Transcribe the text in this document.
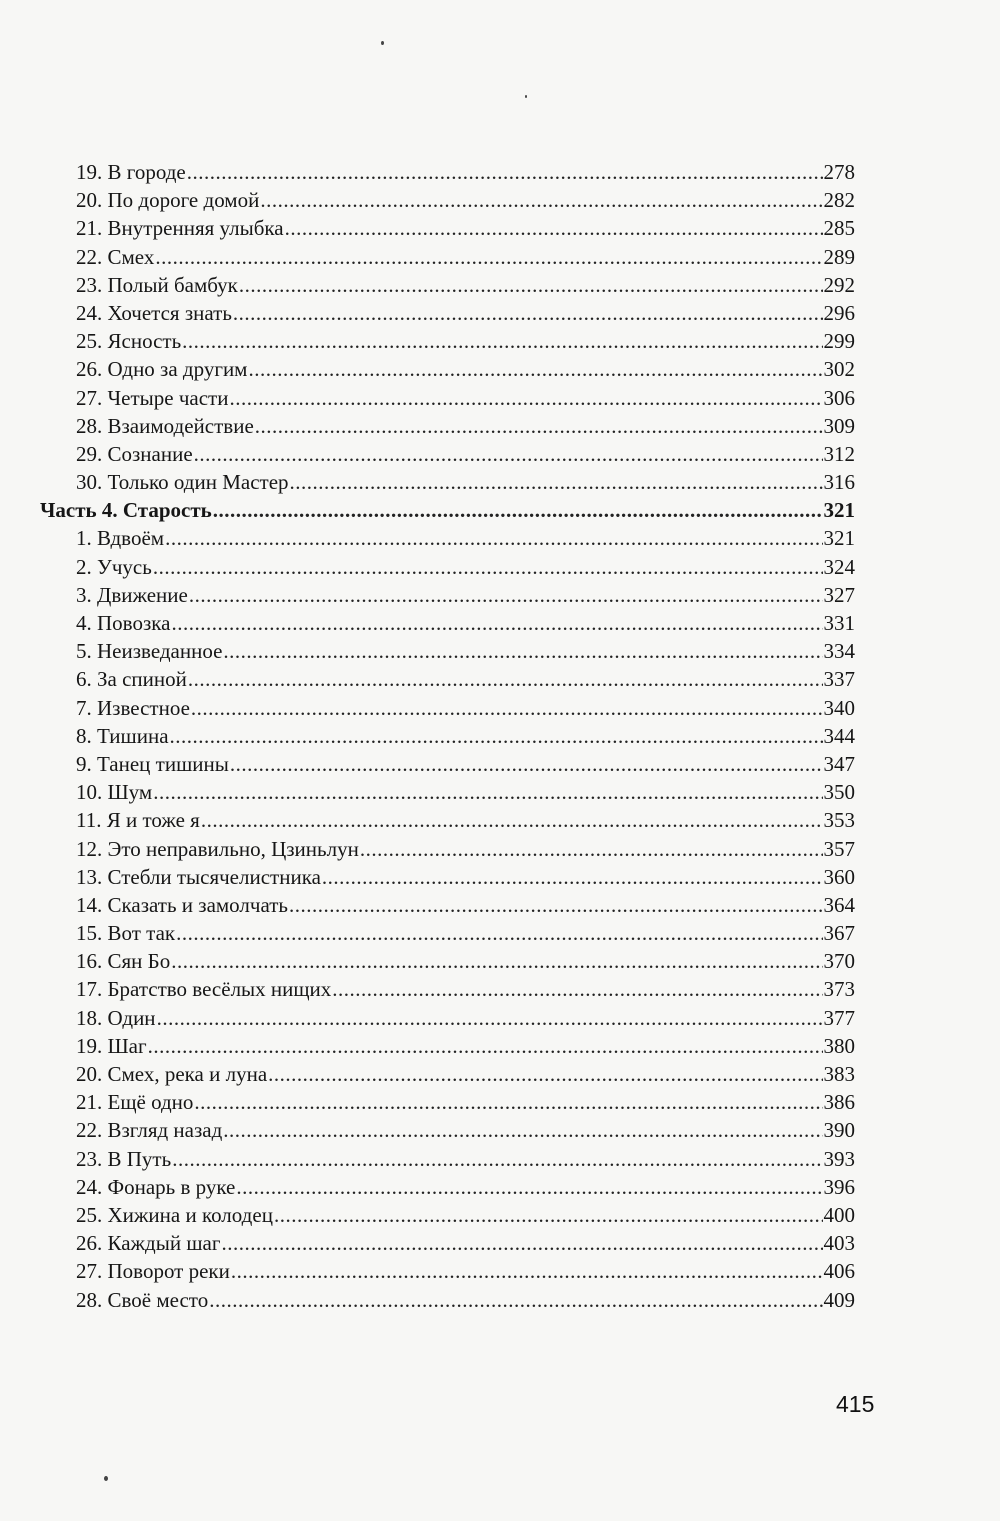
19. В городе .....	278
20. По дороге домой .....	282
21. Внутренняя улыбка .....	285
22. Смех .....	289
23. Полый бамбук .....	292
24. Хочется знать .....	296
25. Ясность .....	299
26. Одно за другим .....	302
27. Четыре части .....	306
28. Взаимодействие .....	309
29. Сознание .....	312
30. Только один Мастер .....	316
Часть 4. Старость .....	321
1. Вдвоём .....	321
2. Учусь .....	324
3. Движение .....	327
4. Повозка .....	331
5. Неизведанное .....	334
6. За спиной .....	337
7. Известное .....	340
8. Тишина .....	344
9. Танец тишины .....	347
10. Шум .....	350
11. Я и тоже я .....	353
12. Это неправильно, Цзиньлун .....	357
13. Стебли тысячелистника .....	360
14. Сказать и замолчать .....	364
15. Вот так .....	367
16. Сян Бо .....	370
17. Братство весёлых нищих .....	373
18. Один .....	377
19. Шаг .....	380
20. Смех, река и луна .....	383
21. Ещё одно .....	386
22. Взгляд назад .....	390
23. В Путь .....	393
24. Фонарь в руке .....	396
25. Хижина и колодец .....	400
26. Каждый шаг .....	403
27. Поворот реки .....	406
28. Своё место .....	409
415
